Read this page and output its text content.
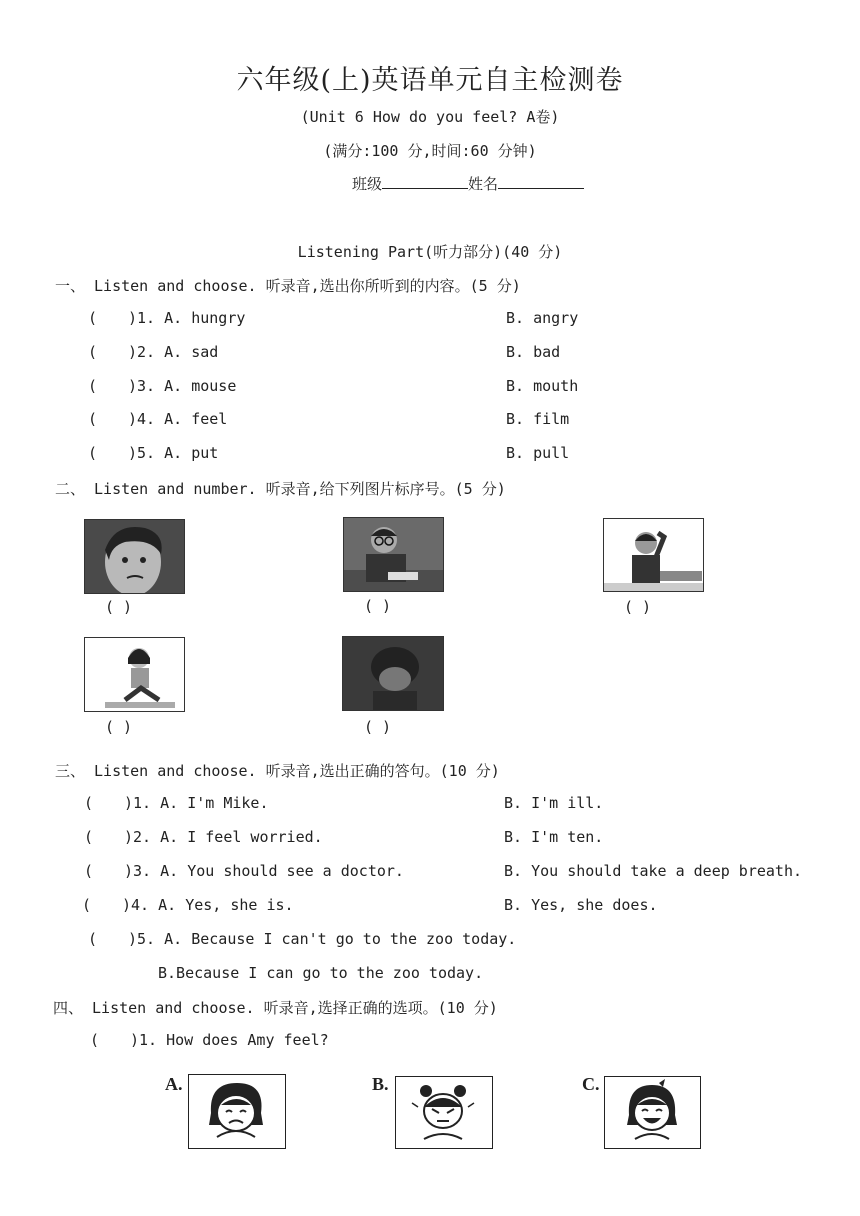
六年级(上)英语单元自主检测卷
(Unit 6 How do you feel? A卷)
(满分:100 分,时间:60 分钟)
班级	姓名
Listening Part(听力部分)(40 分)
一、 Listen and choose. 听录音,选出你所听到的内容。(5 分)
( )1. A. hungry	B. angry
( )2. A. sad	B. bad
( )3. A. mouse	B. mouth
( )4. A. feel	B. film
( )5. A. put	B. pull
二、 Listen and number. 听录音,给下列图片标序号。(5 分)
( )	( )	( )
( )	( )
三、 Listen and choose. 听录音,选出正确的答句。(10 分)
( )1. A. I'm Mike.	B. I'm ill.
( )2. A. I feel worried.	B. I'm ten.
( )3. A. You should see a doctor.	B. You should take a deep breath.
( )4. A. Yes, she is.	B. Yes, she does.
( )5. A. Because I can't go to the zoo today.
B.Because I can go to the zoo today.
四、 Listen and choose. 听录音,选择正确的选项。(10 分)
( )1. How does Amy feel?
A.	B.	C.
